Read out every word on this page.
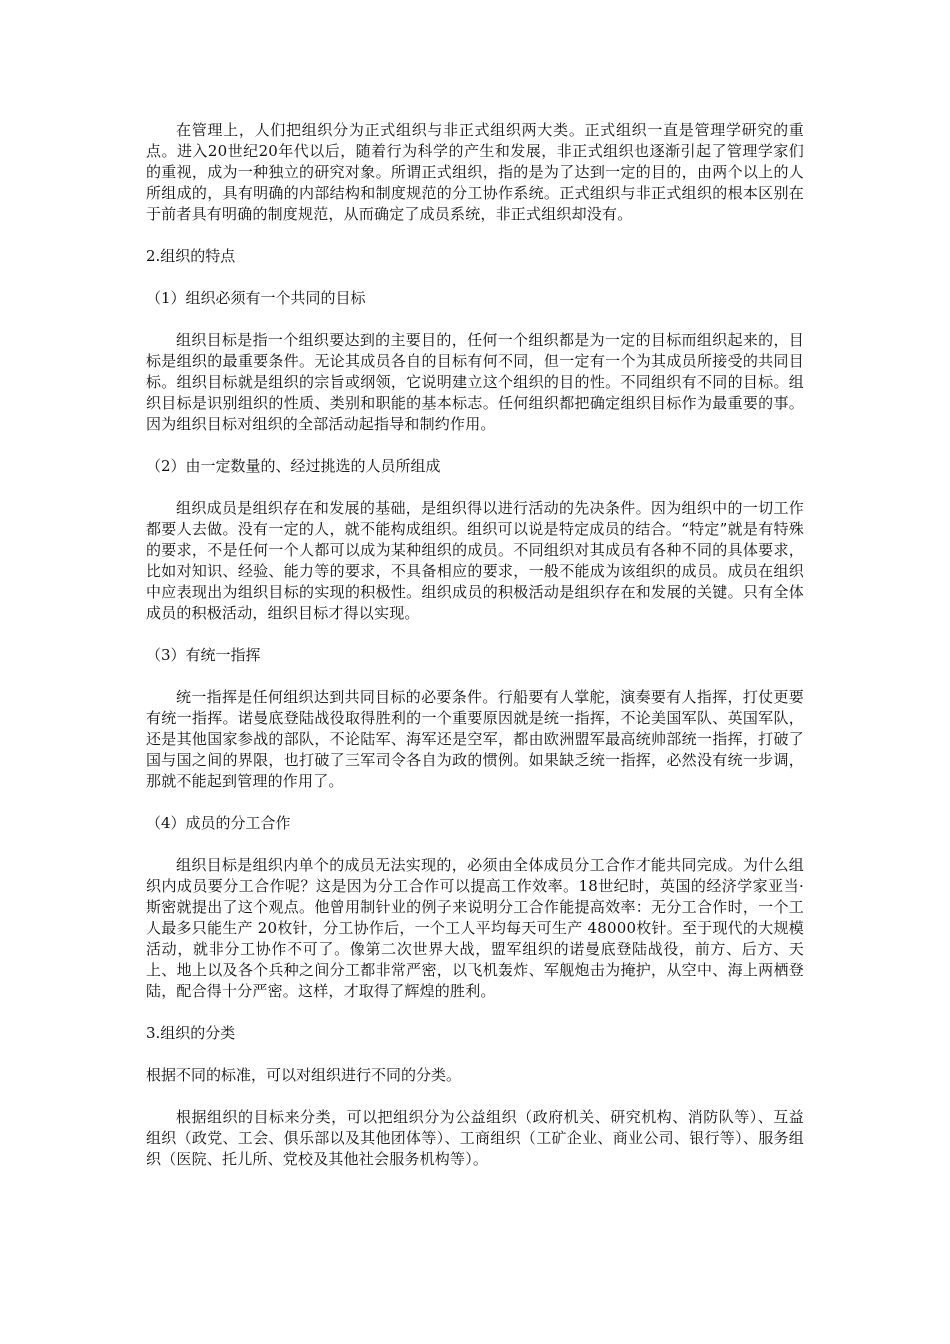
在管理上，人们把组织分为正式组织与非正式组织两大类。正式组织一直是管理学研究的重点。进入20世纪20年代以后，随着行为科学的产生和发展，非正式组织也逐渐引起了管理学家们的重视，成为一种独立的研究对象。所谓正式组织，指的是为了达到一定的目的，由两个以上的人所组成的，具有明确的内部结构和制度规范的分工协作系统。正式组织与非正式组织的根本区别在于前者具有明确的制度规范，从而确定了成员系统，非正式组织却没有。

2.组织的特点

（1）组织必须有一个共同的目标

组织目标是指一个组织要达到的主要目的，任何一个组织都是为一定的目标而组织起来的，目标是组织的最重要条件。无论其成员各自的目标有何不同，但一定有一个为其成员所接受的共同目标。组织目标就是组织的宗旨或纲领，它说明建立这个组织的目的性。不同组织有不同的目标。组织目标是识别组织的性质、类别和职能的基本标志。任何组织都把确定组织目标作为最重要的事。因为组织目标对组织的全部活动起指导和制约作用。

（2）由一定数量的、经过挑选的人员所组成

组织成员是组织存在和发展的基础，是组织得以进行活动的先决条件。因为组织中的一切工作都要人去做。没有一定的人，就不能构成组织。组织可以说是特定成员的结合。“特定”就是有特殊的要求，不是任何一个人都可以成为某种组织的成员。不同组织对其成员有各种不同的具体要求，比如对知识、经验、能力等的要求，不具备相应的要求，一般不能成为该组织的成员。成员在组织中应表现出为组织目标的实现的积极性。组织成员的积极活动是组织存在和发展的关键。只有全体成员的积极活动，组织目标才得以实现。

（3）有统一指挥

统一指挥是任何组织达到共同目标的必要条件。行船要有人掌舵，演奏要有人指挥，打仗更要有统一指挥。诺曼底登陆战役取得胜利的一个重要原因就是统一指挥，不论美国军队、英国军队，还是其他国家参战的部队，不论陆军、海军还是空军，都由欧洲盟军最高统帅部统一指挥，打破了国与国之间的界限，也打破了三军司令各自为政的惯例。如果缺乏统一指挥，必然没有统一步调，那就不能起到管理的作用了。

（4）成员的分工合作

组织目标是组织内单个的成员无法实现的，必须由全体成员分工合作才能共同完成。为什么组织内成员要分工合作呢？这是因为分工合作可以提高工作效率。18世纪时，英国的经济学家亚当·斯密就提出了这个观点。他曾用制针业的例子来说明分工合作能提高效率：无分工合作时，一个工人最多只能生产 20枚针，分工协作后，一个工人平均每天可生产 48000枚针。至于现代的大规模活动，就非分工协作不可了。像第二次世界大战，盟军组织的诺曼底登陆战役，前方、后方、天上、地上以及各个兵种之间分工都非常严密，以飞机轰炸、军舰炮击为掩护，从空中、海上两栖登陆，配合得十分严密。这样，才取得了辉煌的胜利。

3.组织的分类

根据不同的标准，可以对组织进行不同的分类。

根据组织的目标来分类，可以把组织分为公益组织（政府机关、研究机构、消防队等）、互益组织（政党、工会、俱乐部以及其他团体等）、工商组织（工矿企业、商业公司、银行等）、服务组织（医院、托儿所、党校及其他社会服务机构等）。
